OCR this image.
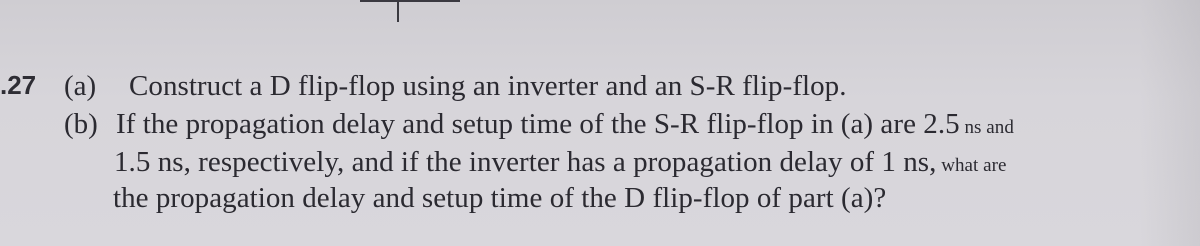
.27 (a) Construct a D flip-flop using an inverter and an S-R flip-flop.
(b) If the propagation delay and setup time of the S-R flip-flop in (a) are 2.5 ns and
1.5 ns, respectively, and if the inverter has a propagation delay of 1 ns, what are
the propagation delay and setup time of the D flip-flop of part (a)?
